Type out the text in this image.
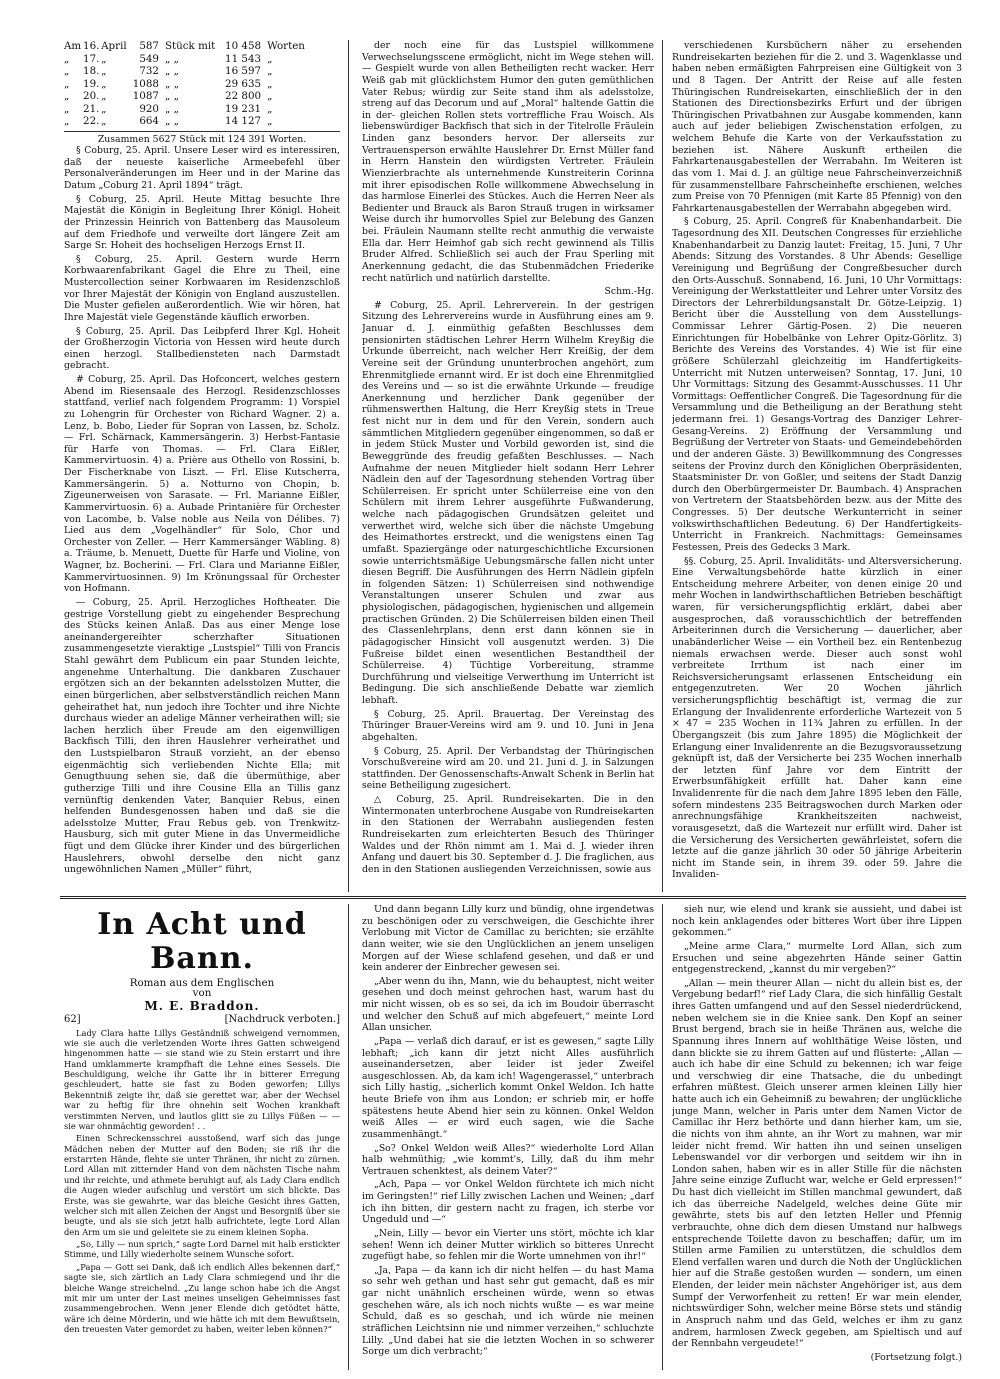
Am	16.	April	587	Stück mit	10 458	Worten
„	17.	„	549	„ „	11 543	„
„	18.	„	732	„ „	16 597	„
„	19.	„	1088	„ „	29 635	„
„	20.	„	1087	„ „	22 800	„
„	21.	„	920	„ „	19 231	„
„	22.	„	664	„ „	14 127	„
Zusammen 5627 Stück mit 124 391 Worten.

§ Coburg, 25. April. Unsere Leser wird es interessiren, daß der neueste kaiserliche Armeebefehl über Personalveränderungen im Heer und in der Marine das Datum „Coburg 21. April 1894“ trägt.

§ Coburg, 25. April. Heute Mittag besuchte Ihre Majestät die Königin in Begleitung Ihrer Königl. Hoheit der Prinzessin Heinrich von Battenberg das Mausoleum auf dem Friedhofe und verweilte dort längere Zeit am Sarge Sr. Hoheit des hochseligen Herzogs Ernst II.

§ Coburg, 25. April. Gestern wurde Herrn Korbwaarenfabrikant Gagel die Ehre zu Theil, eine Mustercollection seiner Korbwaaren im Residenzschloß vor Ihrer Majestät der Königin von England auszustellen. Die Muster gefielen außerordentlich. Wie wir hören, hat Ihre Majestät viele Gegenstände käuflich erworben.

§ Coburg, 25. April. Das Leibpferd Ihrer Kgl. Hoheit der Großherzogin Victoria von Hessen wird heute durch einen herzogl. Stallbediensteten nach Darmstadt gebracht.

# Coburg, 25. April. Das Hofconcert, welches gestern Abend im Riesensaale des Herzogl. Residenzschlosses stattfand, verlief nach folgendem Programm: 1) Vorspiel zu Lohengrin für Orchester von Richard Wagner. 2) a. Lenz, b. Bobo, Lieder für Sopran von Lassen, bz. Scholz. — Frl. Schärnack, Kammersängerin. 3) Herbst-Fantasie für Harfe von Thomas. — Frl. Clara Eißler, Kammervirtuosin. 4) a. Prière aus Othello von Rossini, b. Der Fischerknabe von Liszt. — Frl. Elise Kutscherra, Kammersängerin. 5) a. Notturno von Chopin, b. Zigeunerweisen von Sarasate. — Frl. Marianne Eißler, Kammervirtuosin. 6) a. Aubade Printanière für Orchester von Lacombe, b. Valse noble aus Neila von Délibes. 7) Lied aus dem „Vogelhändler“ für Solo, Chor und Orchester von Zeller. — Herr Kammersänger Wäbling. 8) a. Träume, b. Menuett, Duette für Harfe und Violine, von Wagner, bz. Bocherini. — Frl. Clara und Marianne Eißler, Kammervirtuosinnen. 9) Im Krönungssaal für Orchester von Hofmann.

— Coburg, 25. April. Herzogliches Hoftheater. Die gestrige Vorstellung giebt zu eingehender Besprechung des Stücks keinen Anlaß. Das aus einer Menge lose aneinandergereihter scherzhafter Situationen zusammengesetzte vieraktige „Lustspiel“ Tilli von Francis Stahl gewährt dem Publicum ein paar Stunden leichte, angenehme Unterhaltung. Die dankbaren Zuschauer ergötzen sich an der bekannten adelsstolzen Mutter, die einen bürgerlichen, aber selbstverständlich reichen Mann geheirathet hat, nun jedoch ihre Tochter und ihre Nichte durchaus wieder an adelige Männer verheirathen will; sie lachen herzlich über Freude am den eigenwilligen Backfisch Tilli, den ihren Hauslehrer verheirathet und den Lustspielbaron Strauß vorzieht, an der ebenso eigenmächtig sich verliebenden Nichte Ella; mit Genugthuung sehen sie, daß die übermüthige, aber gutherzige Tilli und ihre Cousine Ella an Tillis ganz vernünftig denkenden Vater, Banquier Rebus, einen helfenden Bundesgenossen haben und daß sie die adelsstolze Mutter, Frau Rebus geb. von Trenkwitz-Hausburg, sich mit guter Miene in das Unvermeidliche fügt und dem Glücke ihrer Kinder und des bürgerlichen Hauslehrers, obwohl derselbe den nicht ganz ungewöhnlichen Namen „Müller“ führt,

der noch eine für das Lustspiel willkommene Verwechselungsscene ermöglicht, nicht im Wege stehen will. — Gespielt wurde von allen Betheiligten recht wacker. Herr Weiß gab mit glücklichstem Humor den guten gemüthlichen Vater Rebus; würdig zur Seite stand ihm als adelsstolze, streng auf das Decorum und auf „Moral“ haltende Gattin die in der- gleichen Rollen stets vortreffliche Frau Woisch. Als liebenswürdiger Backfisch that sich in der Titelrolle Fräulein Linden ganz besonders hervor. Der allerseits zur Vertrauensperson erwählte Hauslehrer Dr. Ernst Müller fand in Herrn Hanstein den würdigsten Vertreter. Fräulein Wienzierbrachte als unternehmende Kunstreiterin Corinna mit ihrer episodischen Rolle willkommene Abwechselung in das harmlose Einerlei des Stückes. Auch die Herren Neer als Bedienter und Brauck als Baron Strauß trugen in wirksamer Weise durch ihr humorvolles Spiel zur Belebung des Ganzen bei. Fräulein Naumann stellte recht anmuthig die verwaiste Ella dar. Herr Heimhof gab sich recht gewinnend als Tillis Bruder Alfred. Schließlich sei auch der Frau Sperling mit Anerkennung gedacht, die das Stubenmädchen Friederike recht natürlich und natürlich darstellte.

Schm.-Hg.

# Coburg, 25. April. Lehrerverein. In der gestrigen Sitzung des Lehrervereins wurde in Ausführung eines am 9. Januar d. J. einmüthig gefaßten Beschlusses dem pensionirten städtischen Lehrer Herrn Wilhelm Kreyßig die Urkunde überreicht, nach welcher Herr Kreißig, der dem Vereine seit der Gründung ununterbrochen angehört, zum Ehrenmitgliede ernannt wird. Er ist doch eine Ehrenmitglied des Vereins und — so ist die erwähnte Urkunde — freudige Anerkennung und herzlicher Dank gegenüber der rühmenswerthen Haltung, die Herr Kreyßig stets in Treue fest nicht nur in dem und für den Verein, sondern auch sämmtlichen Mitgliedern gegenüber eingenommen, so daß er in jedem Stück Muster und Vorbild geworden ist, sind die Beweggründe des freudig gefaßten Beschlusses. — Nach Aufnahme der neuen Mitglieder hielt sodann Herr Lehrer Nädlein den auf der Tagesordnung stehenden Vortrag über Schülerreisen. Er spricht unter Schülerreise eine von den Schülern mit ihrem Lehrer ausgeführte Fußwanderung, welche nach pädagogischen Grundsätzen geleitet und verwerthet wird, welche sich über die nächste Umgebung des Heimathortes erstreckt, und die wenigstens einen Tag umfaßt. Spaziergänge oder naturgeschichtliche Excursionen sowie unterrichtsmäßige Uebungsmärsche fallen nicht unter diesen Begriff. Die Ausführungen des Herrn Nädlein gipfeln in folgenden Sätzen: 1) Schülerreisen sind nothwendige Veranstaltungen unserer Schulen und zwar aus physiologischen, pädagogischen, hygienischen und allgemein practischen Gründen. 2) Die Schülerreisen bilden einen Theil des Classenlehrplans, denn erst dann können sie in pädagogischer Hinsicht voll ausgenutzt werden. 3) Die Fußreise bildet einen wesentlichen Bestandtheil der Schülerreise. 4) Tüchtige Vorbereitung, stramme Durchführung und vielseitige Verwerthung im Unterricht ist Bedingung. Die sich anschließende Debatte war ziemlich lebhaft.

§ Coburg, 25. April. Brauertag. Der Vereinstag des Thüringer Brauer-Vereins wird am 9. und 10. Juni in Jena abgehalten.

§ Coburg, 25. April. Der Verbandstag der Thüringischen Vorschußvereine wird am 20. und 21. Juni d. J. in Salzungen stattfinden. Der Genossenschafts-Anwalt Schenk in Berlin hat seine Betheiligung zugesichert.

△ Coburg, 25. April. Rundreisekarten. Die in den Wintermonaten unterbrochene Ausgabe von Rundreisekarten in den Stationen der Werrabahn ausliegenden festen Rundreisekarten zum erleichterten Besuch des Thüringer Waldes und der Rhön nimmt am 1. Mai d. J. wieder ihren Anfang und dauert bis 30. September d. J. Die fraglichen, aus den in den Stationen ausliegenden Verzeichnissen, sowie aus

verschiedenen Kursbüchern näher zu ersehenden Rundreisekarten beziehen für die 2. und 3. Wagenklasse und haben neben ermäßigten Fahrpreisen eine Gültigkeit von 3 und 8 Tagen. Der Antritt der Reise auf alle festen Thüringischen Rundreisekarten, einschließlich der in den Stationen des Directionsbezirks Erfurt und der übrigen Thüringischen Privatbahnen zur Ausgabe kommenden, kann auch auf jeder beliebigen Zwischenstation erfolgen, zu welchem Behufe die Karte von der Verkaufsstation zu beziehen ist. Nähere Auskunft ertheilen die Fahrkartenausgabestellen der Werrabahn. Im Weiteren ist das vom 1. Mai d. J. an gültige neue Fahrscheinverzeichniß für zusammenstellbare Fahrscheinhefte erschienen, welches zum Preise von 70 Pfennigen (mit Karte 85 Pfennig) von den Fahrkartenausgabestellen der Werrabahn abgegeben wird.

§ Coburg, 25. April. Congreß für Knabenhandarbeit. Die Tagesordnung des XII. Deutschen Congresses für erziehliche Knabenhandarbeit zu Danzig lautet: Freitag, 15. Juni, 7 Uhr Abends: Sitzung des Vorstandes. 8 Uhr Abends: Gesellige Vereinigung und Begrüßung der Congreßbesucher durch den Orts-Ausschuß. Sonnabend, 16. Juni, 10 Uhr Vormittags: Vereinigung der Werkstattleiter und Lehrer unter Vorsitz des Directors der Lehrerbildungsanstalt Dr. Götze-Leipzig. 1) Bericht über die Ausstellung von dem Ausstellungs-Commissar Lehrer Gärtig-Posen. 2) Die neueren Einrichtungen für Hobelbänke von Lehrer Opitz-Görlitz. 3) Berichte des Vereins des Vorstandes. 4) Wie ist für eine größere Schülerzahl gleichzeitig im Handfertigkeits-Unterricht mit Nutzen unterweisen? Sonntag, 17. Juni, 10 Uhr Vormittags: Sitzung des Gesammt-Ausschusses. 11 Uhr Vormittags: Oeffentlicher Congreß. Die Tagesordnung für die Versammlung und die Betheiligung an der Berathung steht jedermann frei. 1) Gesangs-Vortrag des Danziger Lehrer-Gesang-Vereins. 2) Eröffnung der Versammlung und Begrüßung der Vertreter von Staats- und Gemeindebehörden und der anderen Gäste. 3) Bewillkommnung des Congresses seitens der Provinz durch den Königlichen Oberpräsidenten, Staatsminister Dr. von Goßler, und seitens der Stadt Danzig durch den Oberbürgermeister Dr. Baumbach. 4) Ansprachen von Vertretern der Staatsbehörden bezw. aus der Mitte des Congresses. 5) Der deutsche Werkunterricht in seiner volkswirthschaftlichen Bedeutung. 6) Der Handfertigkeits-Unterricht in Frankreich. Nachmittags: Gemeinsames Festessen, Preis des Gedecks 3 Mark.

§§. Coburg, 25. April. Invaliditäts- und Altersversicherung. Eine Verwaltungsbehörde hatte kürzlich in einer Entscheidung mehrere Arbeiter, von denen einige 20 und mehr Wochen in landwirthschaftlichen Betrieben beschäftigt waren, für versicherungspflichtig erklärt, dabei aber ausgesprochen, daß vorausschichtlich der betreffenden Arbeiterinnen durch die Versicherung — dauerlicher, aber unabänderlicher Weise — ein Vortheil bez. ein Rentenbezug niemals erwachsen werde. Dieser auch sonst wohl verbreitete Irrthum ist nach einer im Reichsversicherungsamt erlassenen Entscheidung ein entgegenzutreten. Wer 20 Wochen jährlich versicherungspflichtig beschäftigt ist, vermag die zur Erlangung der Invalidenrente erforderliche Wartezeit von 5 × 47 = 235 Wochen in 11¾ Jahren zu erfüllen. In der Übergangszeit (bis zum Jahre 1895) die Möglichkeit der Erlangung einer Invalidenrente an die Bezugsvoraussetzung geknüpft ist, daß der Versicherte bei 235 Wochen innerhalb der letzten fünf Jahre vor dem Eintritt der Erwerbsunfähigkeit erfüllt hat. Daher kann eine Invalidenrente für die nach dem Jahre 1895 leben den Fälle, sofern mindestens 235 Beitragswochen durch Marken oder anrechnungsfähige Krankheitszeiten nachweist, vorausgesetzt, daß die Wartezeit nur erfüllt wird. Daher ist die Versicherung des Versicherten gewährleistet, sofern die letzte auf die ganze jährlich 30 oder 50 jährige Arbeiterin nicht im Stande sein, in ihrem 39. oder 59. Jahre die Invaliden-

In Acht und Bann.
Roman aus dem Englischen
von
M. E. Braddon.
62]	[Nachdruck verboten.]

Lady Clara hatte Lillys Geständniß schweigend vernommen, wie sie auch die verletzenden Worte ihres Gatten schweigend hingenommen hatte — sie stand wie zu Stein erstarrt und ihre Hand umklammerte krampfhaft die Lehne eines Sessels. Die Beschuldigung, welche ihr Gatte ihr in bitterer Erregung geschleudert, hatte sie fast zu Boden geworfen; Lillys Bekenntniß zeigte ihr, daß sie gerettet war, aber der Wechsel war zu heftig für ihre ohnehin seit Wochen krankhaft verstimmten Nerven, und lautlos glitt sie zu Lillys Füßen — — sie war ohnmächtig geworden! . .

Einen Schreckensschrei ausstoßend, warf sich das junge Mädchen neben der Mutter auf den Boden; sie riß ihr die erstarrten Hände, flehte sie unter Thränen, ihr nicht zu zürnen. Lord Allan mit zitternder Hand von dem nächsten Tische nahm und ihr reichte, und athmete beruhigt auf, als Lady Clara endlich die Augen wieder aufschlug und verstört um sich blickte. Das Erste, was sie gewahrte, war das bleiche Gesicht ihres Gatten, welcher sich mit allen Zeichen der Angst und Besorgniß über sie beugte, und als sie sich jetzt halb aufrichtete, legte Lord Allan den Arm um sie und geleitete sie zu einem kleinen Sopha.

„So, Lilly — nun sprich,“ sagte Lord Darnel mit halb erstickter Stimme, und Lilly wiederholte seinem Wunsche sofort.

„Papa — Gott sei Dank, daß ich endlich Alles bekennen darf,“ sagte sie, sich zärtlich an Lady Clara schmiegend und ihr die bleiche Wange streichelnd. „Zu lange schon habe ich die Angst mit mir um unter der Last meines unseligen Geheimnisses fast zusammengebrochen. Wenn jener Elende dich getödtet hätte, wäre ich deine Mörderin, und wie hätte ich mit dem Bewußtsein, den treuesten Vater gemordet zu haben, weiter leben können?“

Und dann begann Lilly kurz und bündig, ohne irgendetwas zu beschönigen oder zu verschweigen, die Geschichte ihrer Verlobung mit Victor de Camillac zu berichten; sie erzählte dann weiter, wie sie den Unglücklichen an jenem unseligen Morgen auf der Wiese schlafend gesehen, und daß er und kein anderer der Einbrecher gewesen sei.

„Aber wenn du ihn, Mann, wie du behauptest, nicht weiter gesehen und doch meinst gehrochen hast, warum hast du mir nicht wissen, ob es so sei, da ich im Boudoir überrascht und welcher den Schuß auf mich abgefeuert,“ meinte Lord Allan unsicher.

„Papa — verlaß dich darauf, er ist es gewesen,“ sagte Lilly lebhaft; „ich kann dir jetzt nicht Alles ausführlich auseinandersetzen, aber leider ist jeder Zweifel ausgeschlossen. Ab, da kam ich! Wagengerassel,“ unterbrach sich Lilly hastig, „sicherlich kommt Onkel Weldon. Ich hatte heute Briefe von ihm aus London; er schrieb mir, er hoffe spätestens heute Abend hier sein zu können. Onkel Weldon weiß Alles — er wird euch sagen, wie die Sache zusammenhängt.“

„So? Onkel Weldon weiß Alles?“ wiederholte Lord Allan halb wehmüthig; „wie kommt's, Lilly, daß du ihm mehr Vertrauen schenktest, als deinem Vater?“

„Ach, Papa — vor Onkel Weldon fürchtete ich mich nicht im Geringsten!“ rief Lilly zwischen Lachen und Weinen; „darf ich ihn bitten, dir gestern nacht zu fragen, ich sterbe vor Ungeduld und —“

„Nein, Lilly — bevor ein Vierter uns stört, möchte ich klar sehen! Wenn ich deiner Mutter wirklich so bitteres Unrecht zugefügt habe, so fehlen mir die Worte umnehmen von ihr!“

„Ja, Papa — da kann ich dir nicht helfen — du hast Mama so sehr weh gethan und hast sehr gut gemacht, daß es mir gar nicht unähnlich erscheinen würde, wenn so etwas geschehen wäre, als ich noch nichts wußte — es war meine Schuld, daß es so geschah, und ich würde nie meinen sträflichen Leichtsinn nie und nimmer verzeihen,“ schluchzte Lilly. „Und dabei hat sie die letzten Wochen in so schwerer Sorge um dich verbracht;“

sieh nur, wie elend und krank sie aussieht, und dabei ist noch kein anklagendes oder bitteres Wort über ihre Lippen gekommen.“

„Meine arme Clara,“ murmelte Lord Allan, sich zum Ersuchen und seine abgezehrten Hände seiner Gattin entgegenstreckend, „kannst du mir vergeben?“

„Allan — mein theurer Allan — nicht du allein bist es, der Vergebung bedarf!“ rief Lady Clara, die sich hinfällig Gestalt ihres Gatten umfangend und auf den Sessel niederdrückend, neben welchem sie in die Kniee sank. Den Kopf an seiner Brust bergend, brach sie in heiße Thränen aus, welche die Spannung ihres Innern auf wohlthätige Weise lösten, und dann blickte sie zu ihrem Gatten auf und flüsterte: „Allan — auch ich habe dir eine Schuld zu bekennen; ich war feige und verschwieg dir eine Thatsache, die du unbedingt erfahren müßtest. Gleich unserer armen kleinen Lilly hier hatte auch ich ein Geheimniß zu bewahren; der unglückliche junge Mann, welcher in Paris unter dem Namen Victor de Camillac ihr Herz bethörte und dann hierher kam, um sie, die nichts von ihm ahnte, an ihr Wort zu mahnen, war mir leider nicht fremd. Wir hatten ihn und seinen unseligen Lebenswandel vor dir verborgen und seitdem wir ihn in London sahen, haben wir es in aller Stille für die nächsten Jahre seine einzige Zuflucht war, welche er Geld erpressen!“ Du hast dich vielleicht im Stillen manchmal gewundert, daß ich das überreiche Nadelgeld, welches deine Güte mir gewährte, stets bis auf den letzten Heller und Pfennig verbrauchte, ohne dich dem diesen Umstand nur halbwegs entsprechende Toilette davon zu beschaffen; dafür, um im Stillen arme Familien zu unterstützen, die schuldlos dem Elend verfallen waren und durch die Noth der Unglücklichen hier auf die Straße gestoßen wurden — sondern, um einen Elenden, der leider mein nächster Angehöriger ist, aus dem Sumpf der Verworfenheit zu retten! Er war mein elender, nichtswürdiger Sohn, welcher meine Börse stets und ständig in Anspruch nahm und das Geld, welches er ihm zu ganz andrem, harmlosen Zweck gegeben, am Spieltisch und auf der Rennbahn vergeudete!“

(Fortsetzung folgt.)
